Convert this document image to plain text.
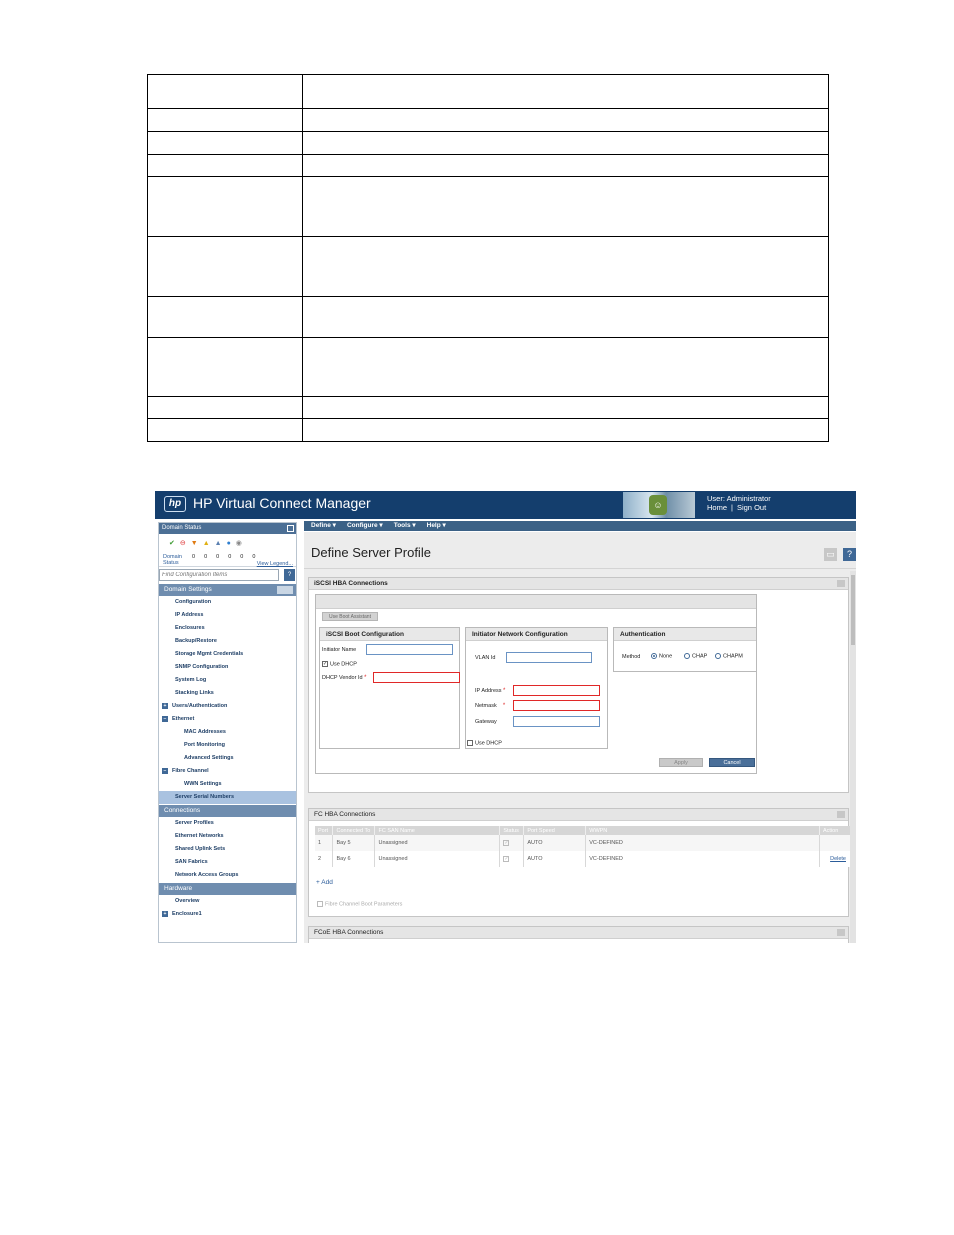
hp HP Virtual Connect Manager	☺
User: Administrator
Home | Sign Out
Domain Status
✔⊖▼▲▲●◉
Domain Status
000000
View Legend...
Find Configuration Items
?
Domain Settings
Configuration
IP Address
Enclosures
Backup/Restore
Storage Mgmt Credentials
SNMP Configuration
System Log
Stacking Links
+ Users/Authentication
− Ethernet
MAC Addresses
Port Monitoring
Advanced Settings
− Fibre Channel
WWN Settings
Server Serial Numbers
Connections
Server Profiles
Ethernet Networks
Shared Uplink Sets
SAN Fabrics
Network Access Groups
Hardware
Overview
+ Enclosure1
Define ▾ Configure ▾ Tools ▾ Help ▾
Define Server Profile	▭ ?
iSCSI HBA Connections
Use Boot Assistant
iSCSI Boot Configuration
Initiator Name
✓ Use DHCP
DHCP Vendor Id *
Initiator Network Configuration
VLAN Id
IP Address *
Netmask *
Gateway
Use DHCP
Authentication
Method	None	CHAP	CHAPM
Apply	Cancel
FC HBA Connections
Port	Connected To	FC SAN Name	Status	Port Speed	WWPN	Action
1	Bay 5	Unassigned	✓	AUTO	VC-DEFINED	
2	Bay 6	Unassigned	✓	AUTO	VC-DEFINED	Delete
+ Add
Fibre Channel Boot Parameters
FCoE HBA Connections
